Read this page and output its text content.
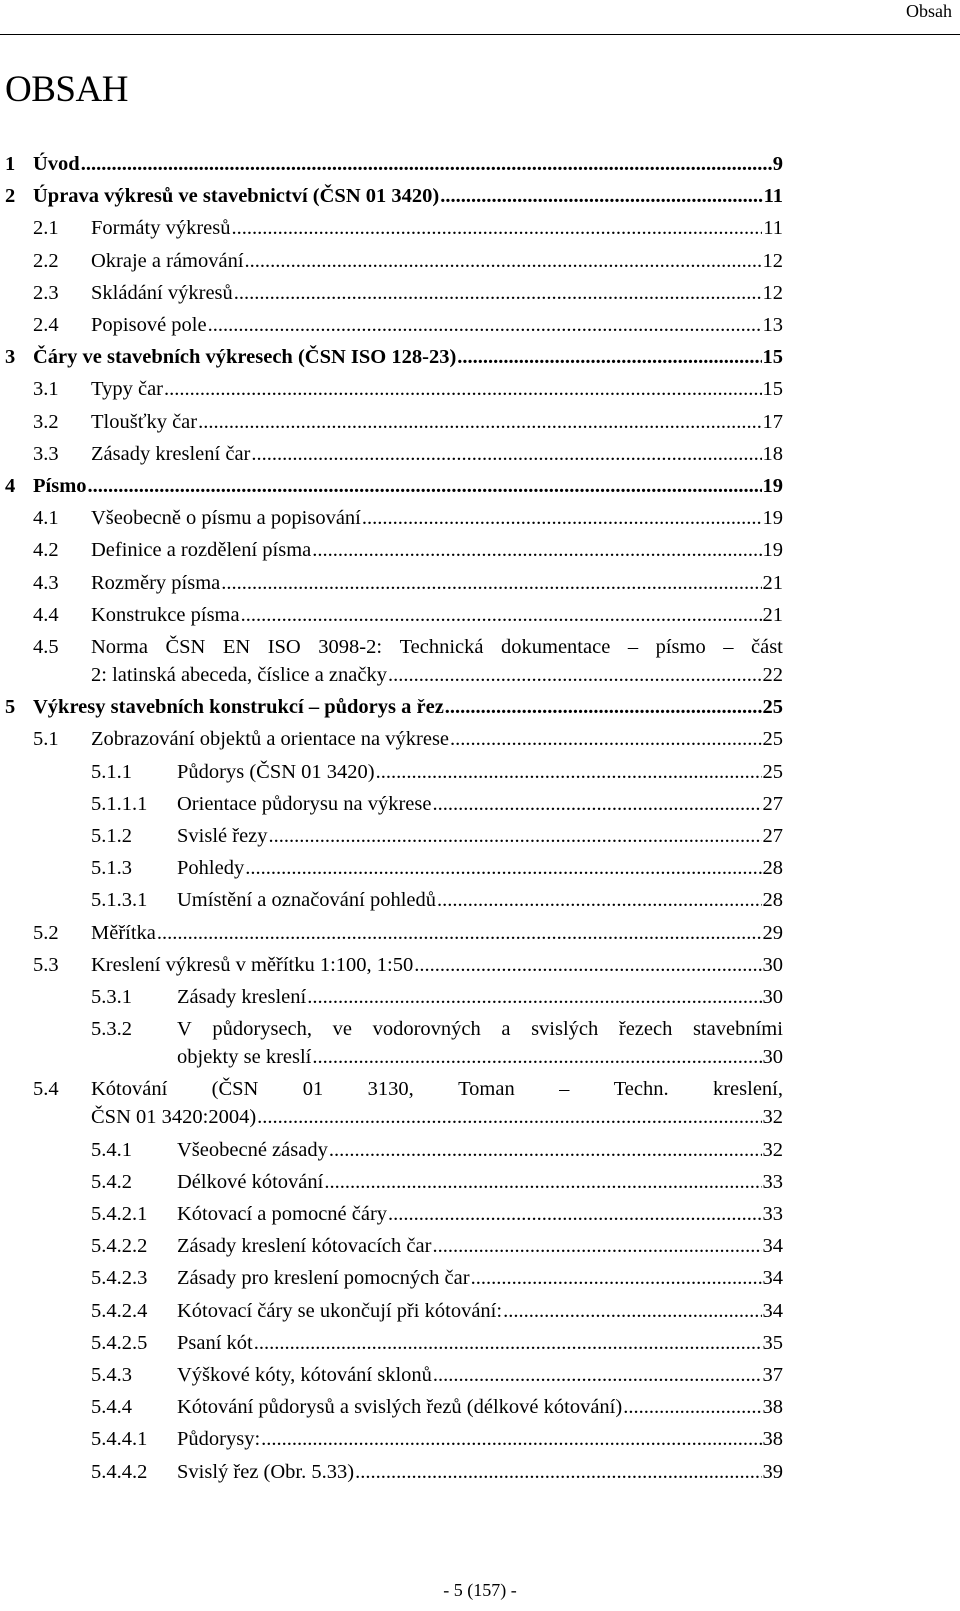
Obsah
OBSAH
1 Úvod .....	9
2 Úprava výkresů ve stavebnictví (ČSN 01 3420) .....	11
2.1 Formáty výkresů .....	11
2.2 Okraje a rámování .....	12
2.3 Skládání výkresů .....	12
2.4 Popisové pole .....	13
3 Čáry ve stavebních výkresech (ČSN ISO 128-23) .....	15
3.1 Typy čar .....	15
3.2 Tloušťky čar .....	17
3.3 Zásady kreslení čar .....	18
4 Písmo .....	19
4.1 Všeobecně o písmu a popisování .....	19
4.2 Definice a rozdělení písma .....	19
4.3 Rozměry písma .....	21
4.4 Konstrukce písma .....	21
4.5 Norma ČSN EN ISO 3098-2: Technická dokumentace – písmo – část
2: latinská abeceda, číslice a značky .....	22
5 Výkresy stavebních konstrukcí – půdorys a řez .....	25
5.1 Zobrazování objektů a orientace na výkrese .....	25
5.1.1 Půdorys (ČSN 01 3420) .....	25
5.1.1.1 Orientace půdorysu na výkrese .....	27
5.1.2 Svislé řezy .....	27
5.1.3 Pohledy .....	28
5.1.3.1 Umístění a označování pohledů .....	28
5.2 Měřítka .....	29
5.3 Kreslení výkresů v měřítku 1:100, 1:50 .....	30
5.3.1 Zásady kreslení .....	30
5.3.2 V půdorysech, ve vodorovných a svislých řezech stavebními
objekty se kreslí .....	30
5.4 Kótování (ČSN 01 3130, Toman – Techn. kreslení,
ČSN 01 3420:2004) .....	32
5.4.1 Všeobecné zásady .....	32
5.4.2 Délkové kótování .....	33
5.4.2.1 Kótovací a pomocné čáry .....	33
5.4.2.2 Zásady kreslení kótovacích čar .....	34
5.4.2.3 Zásady pro kreslení pomocných čar .....	34
5.4.2.4 Kótovací čáry se ukončují při kótování: .....	34
5.4.2.5 Psaní kót .....	35
5.4.3 Výškové kóty, kótování sklonů .....	37
5.4.4 Kótování půdorysů a svislých řezů (délkové kótování) .....	38
5.4.4.1 Půdorysy: .....	38
5.4.4.2 Svislý řez (Obr. 5.33) .....	39
- 5 (157) -
